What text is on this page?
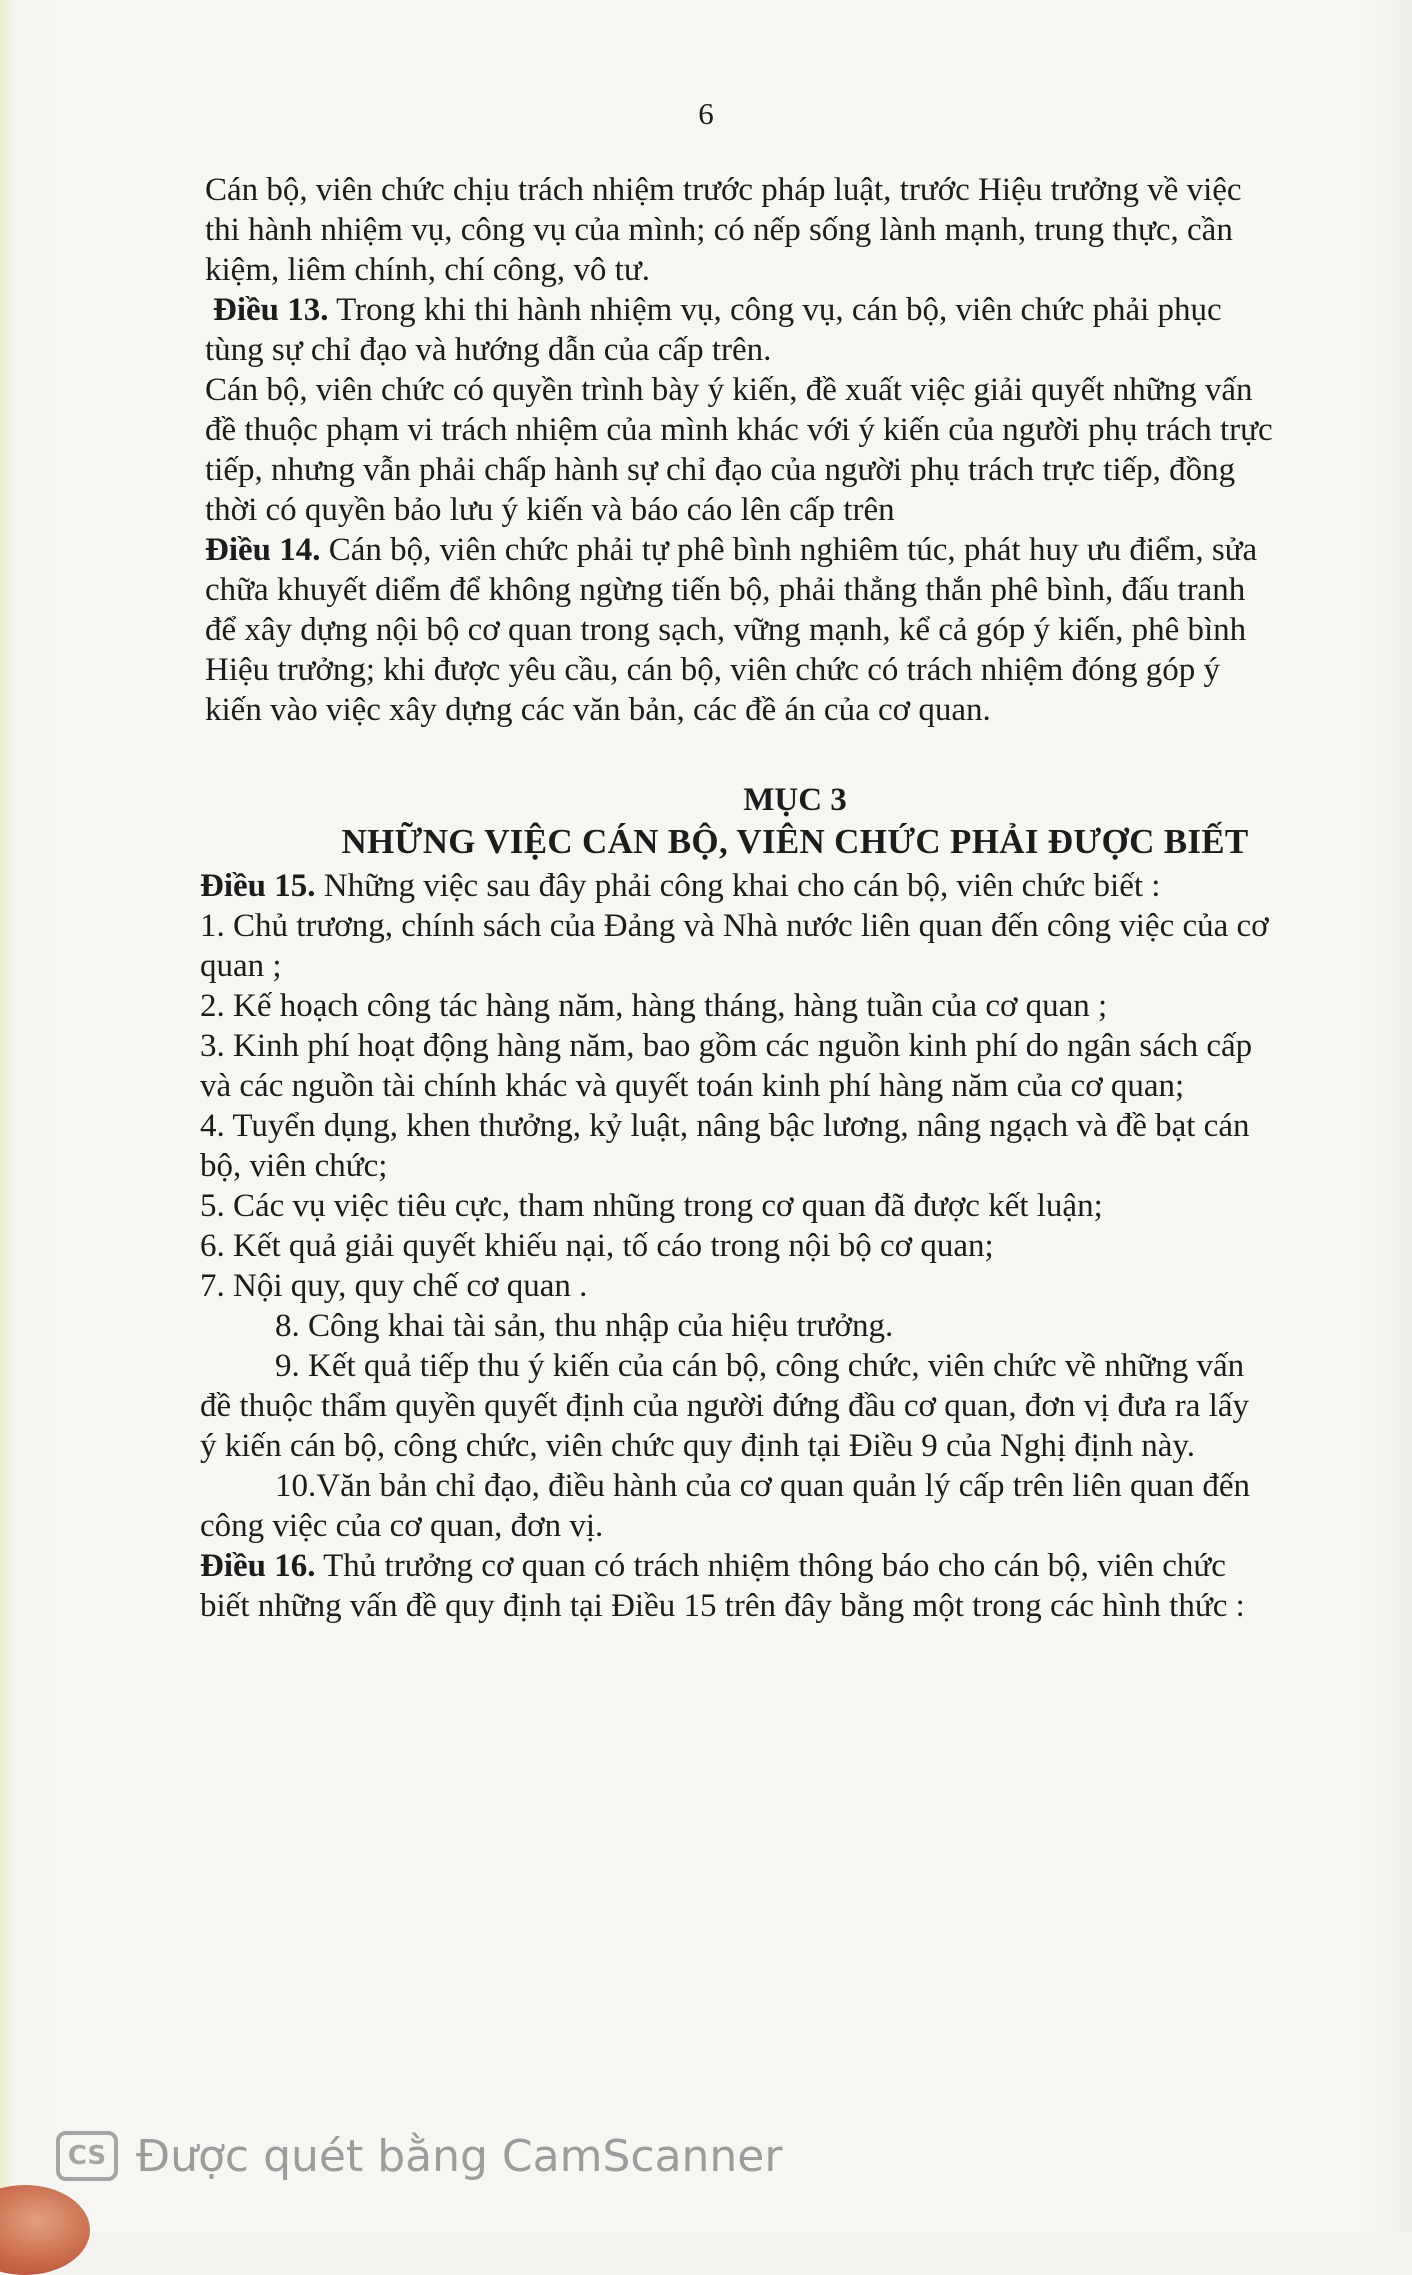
6
Cán bộ, viên chức chịu trách nhiệm trước pháp luật, trước Hiệu trưởng về việc
thi hành nhiệm vụ, công vụ của mình; có nếp sống lành mạnh, trung thực, cần
kiệm, liêm chính, chí công, vô tư.
Điều 13. Trong khi thi hành nhiệm vụ, công vụ, cán bộ, viên chức phải phục
tùng sự chỉ đạo và hướng dẫn của cấp trên.
Cán bộ, viên chức có quyền trình bày ý kiến, đề xuất việc giải quyết những vấn
đề thuộc phạm vi trách nhiệm của mình khác với ý kiến của người phụ trách trực
tiếp, nhưng vẫn phải chấp hành sự chỉ đạo của người phụ trách trực tiếp, đồng
thời có quyền bảo lưu ý kiến và báo cáo lên cấp trên
Điều 14. Cán bộ, viên chức phải tự phê bình nghiêm túc, phát huy ưu điểm, sửa
chữa khuyết diểm để không ngừng tiến bộ, phải thẳng thắn phê bình, đấu tranh
để xây dựng nội bộ cơ quan trong sạch, vững mạnh, kể cả góp ý kiến, phê bình
Hiệu trưởng; khi được yêu cầu, cán bộ, viên chức có trách nhiệm đóng góp ý
kiến vào việc xây dựng các văn bản, các đề án của cơ quan.
MỤC 3
NHỮNG VIỆC CÁN BỘ, VIÊN CHỨC PHẢI ĐƯỢC BIẾT
Điều 15. Những việc sau đây phải công khai cho cán bộ, viên chức biết :
1. Chủ trương, chính sách của Đảng và Nhà nước liên quan đến công việc của cơ
quan ;
2. Kế hoạch công tác hàng năm, hàng tháng, hàng tuần của cơ quan ;
3. Kinh phí hoạt động hàng năm, bao gồm các nguồn kinh phí do ngân sách cấp
và các nguồn tài chính khác và quyết toán kinh phí hàng năm của cơ quan;
4. Tuyển dụng, khen thưởng, kỷ luật, nâng bậc lương, nâng ngạch và đề bạt cán
bộ, viên chức;
5. Các vụ việc tiêu cực, tham nhũng trong cơ quan đã được kết luận;
6. Kết quả giải quyết khiếu nại, tố cáo trong nội bộ cơ quan;
7. Nội quy, quy chế cơ quan .
8. Công khai tài sản, thu nhập của hiệu trưởng.
9. Kết quả tiếp thu ý kiến của cán bộ, công chức, viên chức về những vấn
đề thuộc thẩm quyền quyết định của người đứng đầu cơ quan, đơn vị đưa ra lấy
ý kiến cán bộ, công chức, viên chức quy định tại Điều 9 của Nghị định này.
10.Văn bản chỉ đạo, điều hành của cơ quan quản lý cấp trên liên quan đến
công việc của cơ quan, đơn vị.
Điều 16. Thủ trưởng cơ quan có trách nhiệm thông báo cho cán bộ, viên chức
biết những vấn đề quy định tại Điều 15 trên đây bằng một trong các hình thức :
CS Được quét bằng CamScanner
